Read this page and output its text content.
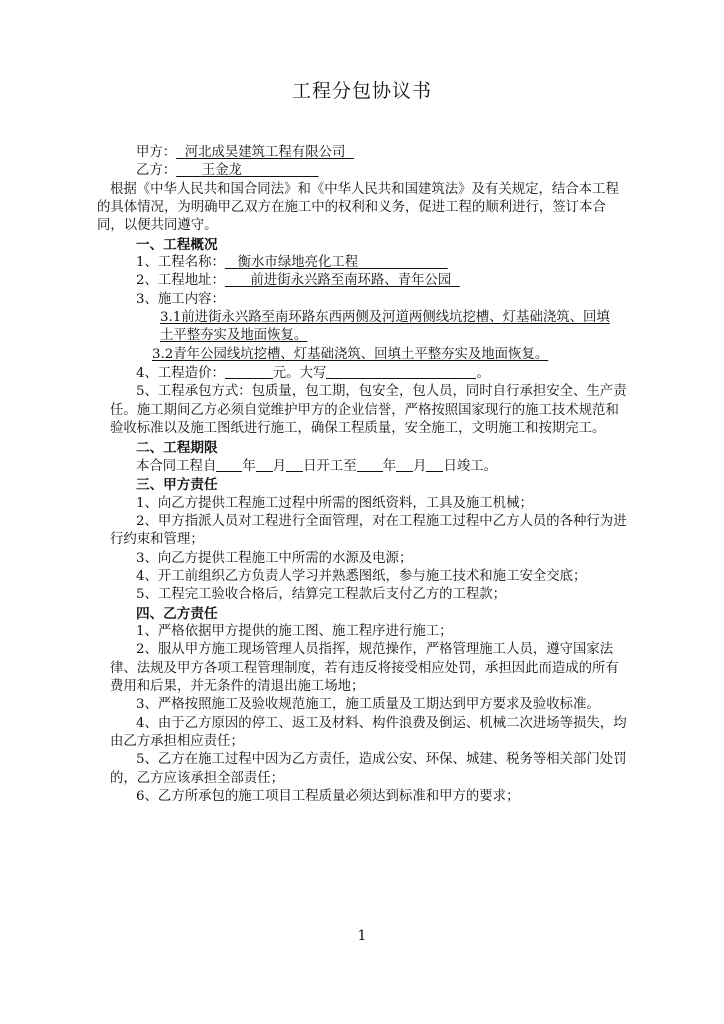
工程分包协议书

甲方： 河北成昊建筑工程有限公司

乙方： 王金龙

根据《中华人民共和国合同法》和《中华人民共和国建筑法》及有关规定，结合本工程的具体情况，为明确甲乙双方在施工中的权利和义务，促进工程的顺利进行，签订本合同，以便共同遵守。

一、工程概况

1、工程名称： 衡水市绿地亮化工程

2、工程地址： 前进街永兴路至南环路、青年公园

3、施工内容：

3.1前进街永兴路至南环路东西两侧及河道两侧线坑挖槽、灯基础浇筑、回填土平整夯实及地面恢复。

3.2青年公园线坑挖槽、灯基础浇筑、回填土平整夯实及地面恢复。

4、工程造价：	元。大写	。

5、工程承包方式：包质量，包工期，包安全，包人员，同时自行承担安全、生产责任。施工期间乙方必须自觉维护甲方的企业信誉，严格按照国家现行的施工技术规范和验收标准以及施工图纸进行施工，确保工程质量，安全施工，文明施工和按期完工。

二、工程期限

本合同工程自 年 月 日开工至 年 月 日竣工。

三、甲方责任

1、向乙方提供工程施工过程中所需的图纸资料，工具及施工机械；

2、甲方指派人员对工程进行全面管理，对在工程施工过程中乙方人员的各种行为进行约束和管理；

3、向乙方提供工程施工中所需的水源及电源；

4、开工前组织乙方负责人学习并熟悉图纸，参与施工技术和施工安全交底；

5、工程完工验收合格后，结算完工程款后支付乙方的工程款；

四、乙方责任

1、严格依据甲方提供的施工图、施工程序进行施工；

2、服从甲方施工现场管理人员指挥，规范操作，严格管理施工人员，遵守国家法律、法规及甲方各项工程管理制度，若有违反将接受相应处罚，承担因此而造成的所有费用和后果，并无条件的清退出施工场地；

3、严格按照施工及验收规范施工，施工质量及工期达到甲方要求及验收标准。

4、由于乙方原因的停工、返工及材料、构件浪费及倒运、机械二次进场等损失，均由乙方承担相应责任；

5、乙方在施工过程中因为乙方责任，造成公安、环保、城建、税务等相关部门处罚的，乙方应该承担全部责任；

6、乙方所承包的施工项目工程质量必须达到标准和甲方的要求；

1
